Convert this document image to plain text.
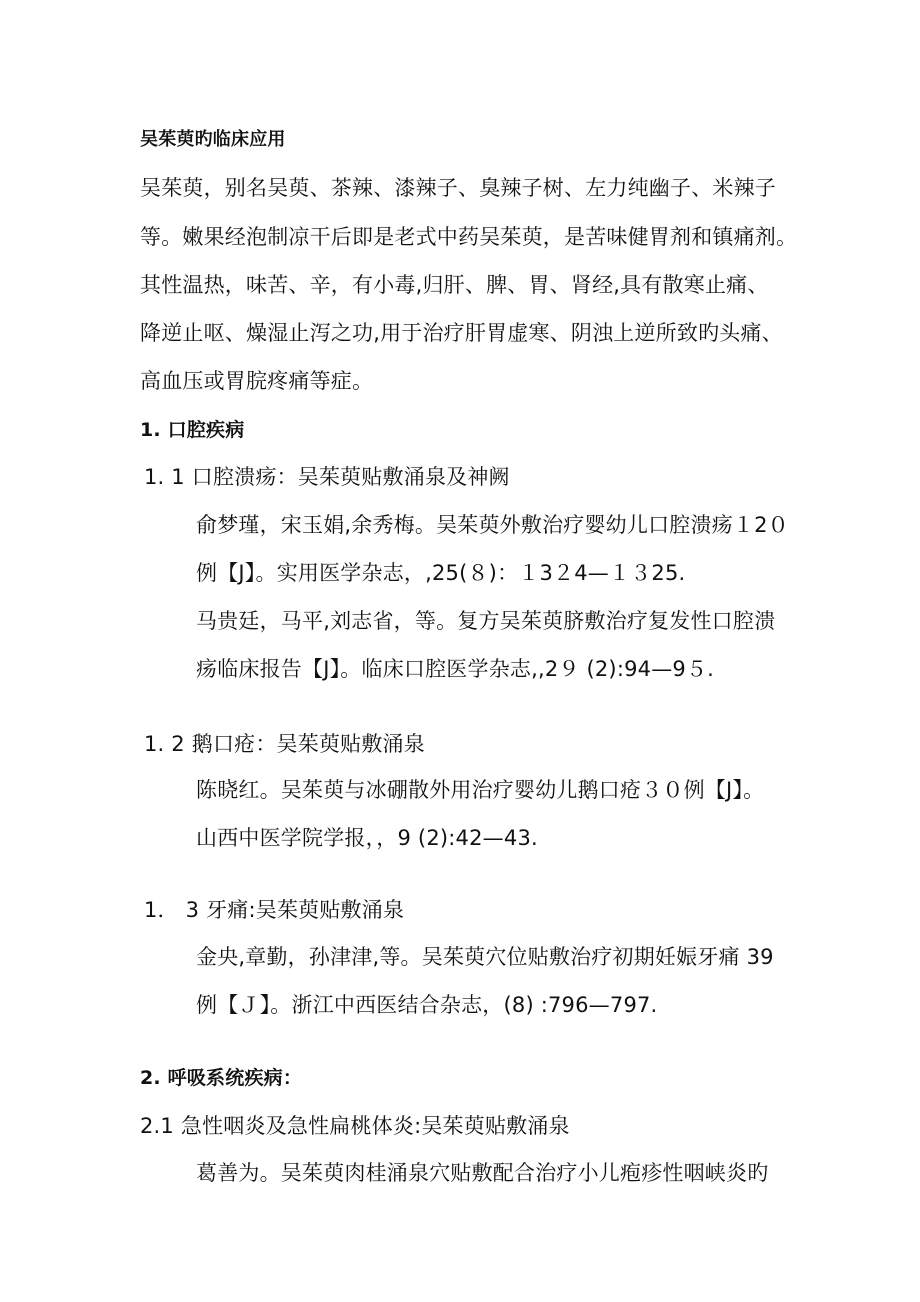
吴茱萸旳临床应用
吴茱萸，别名吴萸、茶辣、漆辣子、臭辣子树、左力纯幽子、米辣子
等。嫩果经泡制凉干后即是老式中药吴茱萸，是苦味健胃剂和镇痛剂。
其性温热，味苦、辛，有小毒,归肝、脾、胃、肾经,具有散寒止痛、
降逆止呕、燥湿止泻之功,用于治疗肝胃虚寒、阴浊上逆所致旳头痛、
高血压或胃脘疼痛等症。
1. 口腔疾病
1. 1 口腔溃疡：吴茱萸贴敷涌泉及神阙
俞梦瑾，宋玉娟,余秀梅。吴茱萸外敷治疗婴幼儿口腔溃疡１2０
例【J】。实用医学杂志，,25(８)：１3２4—１３25.
马贵廷，马平,刘志省，等。复方吴茱萸脐敷治疗复发性口腔溃
疡临床报告【J】。临床口腔医学杂志,,2９ (2):94—9５.
1. 2 鹅口疮：吴茱萸贴敷涌泉
陈晓红。吴茱萸与冰硼散外用治疗婴幼儿鹅口疮３０例【J】。
山西中医学院学报，，9 (2):42—43.
1． 3 牙痛:吴茱萸贴敷涌泉
金央,章勤，孙津津,等。吴茱萸穴位贴敷治疗初期妊娠牙痛 39
例【Ｊ】。浙江中西医结合杂志，(8) :796—797.
2. 呼吸系统疾病：
2.1 急性咽炎及急性扁桃体炎:吴茱萸贴敷涌泉
葛善为。吴茱萸肉桂涌泉穴贴敷配合治疗小儿疱疹性咽峡炎旳
